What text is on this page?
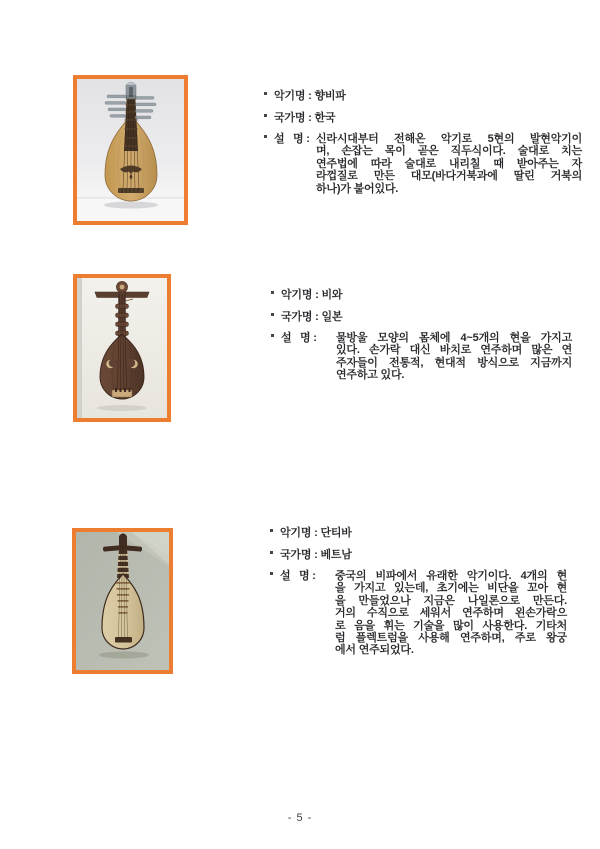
악기명 : 향비파
국가명 : 한국
설   명 : 신라시대부터 전해온 악기로 5현의 발현악기이
며, 손잡는 목이 곧은 직두식이다. 술대로 치는
연주법에 따라 술대로 내리칠 때 받아주는 자
라껍질로 만든 대모(바다거북과에 딸린 거북의
하나)가 붙어있다.
악기명 : 비와
국가명 : 일본
설   명 :	물방울 모양의 몸체에 4~5개의 현을 가지고
있다. 손가락 대신 바치로 연주하며 많은 연
주자들이 전통적, 현대적 방식으로 지금까지
연주하고 있다.
악기명 : 단티바
국가명 : 베트남
설   명 :	중국의 비파에서 유래한 악기이다. 4개의 현
을 가지고 있는데, 초기에는 비단을 꼬아 현
을 만들었으나 지금은 나일론으로 만든다.
거의 수직으로 세워서 연주하며 왼손가락으
로 음을 휘는 기술을 많이 사용한다. 기타처
럼 플렉트럼을 사용해 연주하며, 주로 왕궁
에서 연주되었다.
- 5 -
